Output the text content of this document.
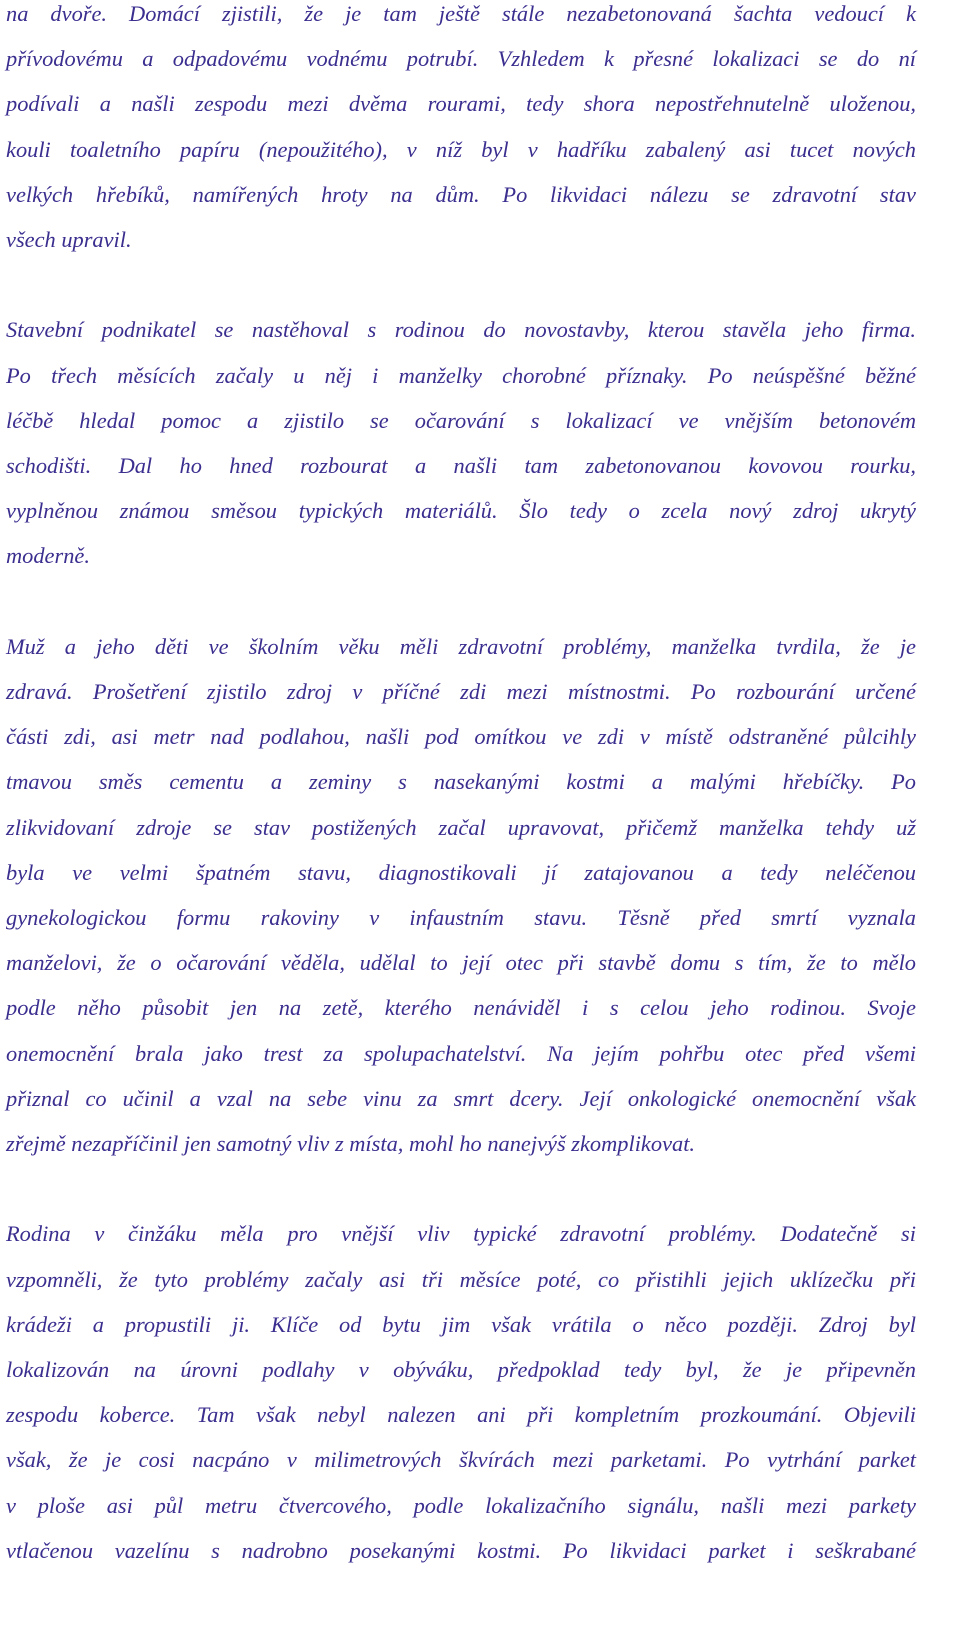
na dvoře. Domácí zjistili, že je tam ještě stále nezabetonovaná šachta vedoucí k
přívodovému a odpadovému vodnému potrubí. Vzhledem k přesné lokalizaci se do ní
podívali a našli zespodu mezi dvěma rourami, tedy shora nepostřehnutelně uloženou,
kouli toaletního papíru (nepoužitého), v níž byl v hadříku zabalený asi tucet nových
velkých hřebíků, namířených hroty na dům. Po likvidaci nálezu se zdravotní stav
všech upravil.
Stavební podnikatel se nastěhoval s rodinou do novostavby, kterou stavěla jeho firma.
Po třech měsících začaly u něj i manželky chorobné příznaky. Po neúspěšné běžné
léčbě hledal pomoc a zjistilo se očarování s lokalizací ve vnějším betonovém
schodišti. Dal ho hned rozbourat a našli tam zabetonovanou kovovou rourku,
vyplněnou známou směsou typických materiálů. Šlo tedy o zcela nový zdroj ukrytý
moderně.
Muž a jeho děti ve školním věku měli zdravotní problémy, manželka tvrdila, že je
zdravá. Prošetření zjistilo zdroj v příčné zdi mezi místnostmi. Po rozbourání určené
části zdi, asi metr nad podlahou, našli pod omítkou ve zdi v místě odstraněné půlcihly
tmavou směs cementu a zeminy s nasekanými kostmi a malými hřebíčky. Po
zlikvidovaní zdroje se stav postižených začal upravovat, přičemž manželka tehdy už
byla ve velmi špatném stavu, diagnostikovali jí zatajovanou a tedy neléčenou
gynekologickou formu rakoviny v infaustním stavu. Těsně před smrtí vyznala
manželovi, že o očarování věděla, udělal to její otec při stavbě domu s tím, že to mělo
podle něho působit jen na zetě, kterého nenáviděl i s celou jeho rodinou. Svoje
onemocnění brala jako trest za spolupachatelství. Na jejím pohřbu otec před všemi
přiznal co učinil a vzal na sebe vinu za smrt dcery. Její onkologické onemocnění však
zřejmě nezapříčinil jen samotný vliv z místa, mohl ho nanejvýš zkomplikovat.
Rodina v činžáku měla pro vnější vliv typické zdravotní problémy. Dodatečně si
vzpomněli, že tyto problémy začaly asi tři měsíce poté, co přistihli jejich uklízečku při
krádeži a propustili ji. Klíče od bytu jim však vrátila o něco později. Zdroj byl
lokalizován na úrovni podlahy v obýváku, předpoklad tedy byl, že je připevněn
zespodu koberce. Tam však nebyl nalezen ani při kompletním prozkoumání. Objevili
však, že je cosi nacpáno v milimetrových škvírách mezi parketami. Po vytrhání parket
v ploše asi půl metru čtvercového, podle lokalizačního signálu, našli mezi parkety
vtlačenou vazelínu s nadrobno posekanými kostmi. Po likvidaci parket i seškrabané
